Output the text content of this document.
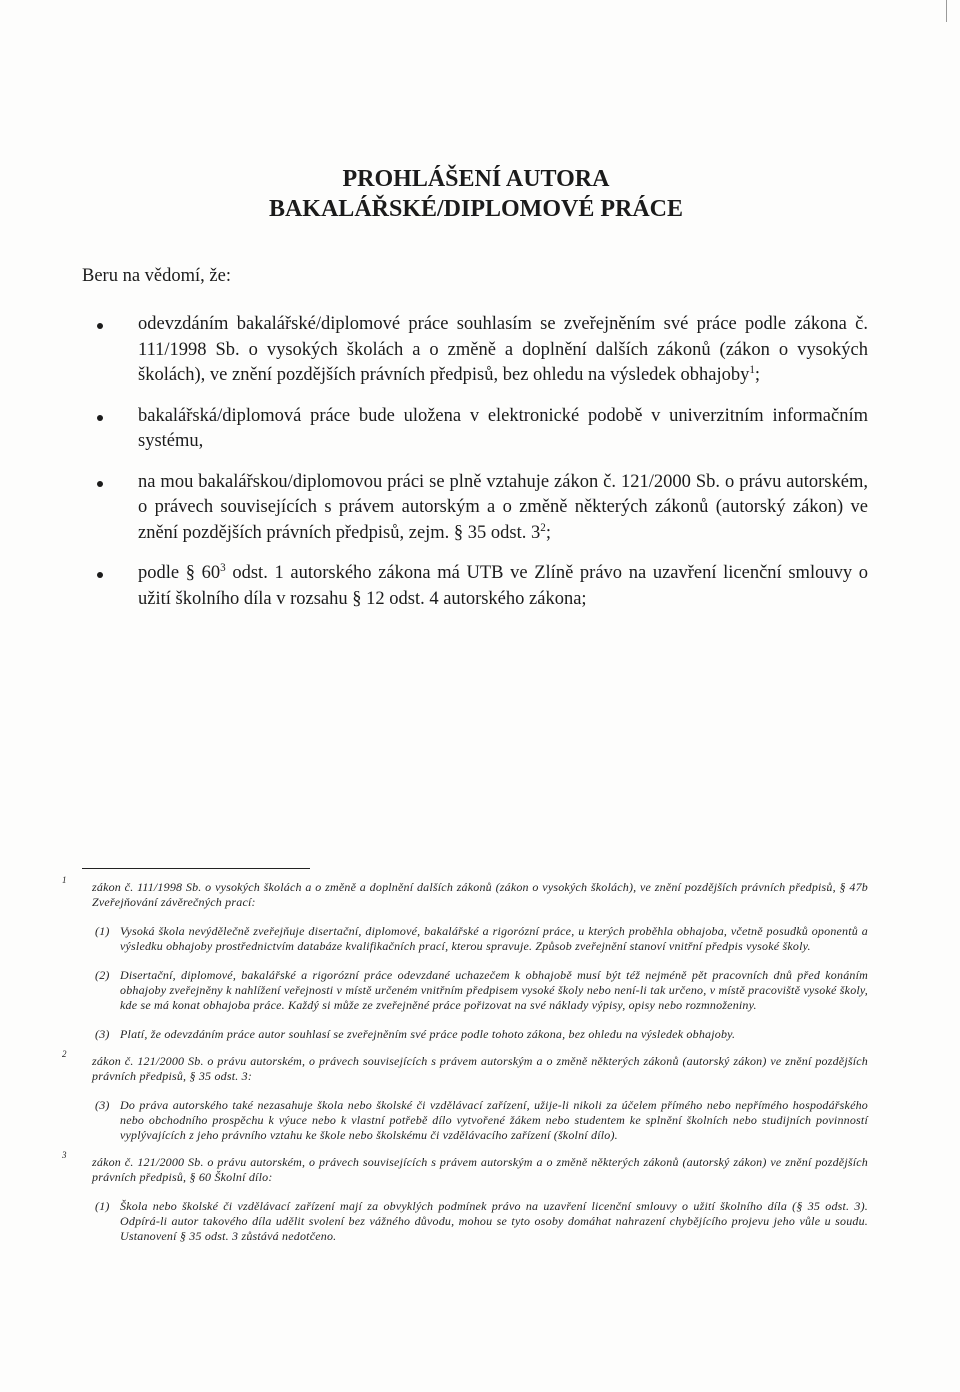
PROHLÁŠENÍ AUTORA
BAKALÁŘSKÉ/DIPLOMOVÉ PRÁCE
Beru na vědomí, že:
odevzdáním bakalářské/diplomové práce souhlasím se zveřejněním své práce podle zákona č. 111/1998 Sb. o vysokých školách a o změně a doplnění dalších zákonů (zákon o vysokých školách), ve znění pozdějších právních předpisů, bez ohledu na výsledek obhajoby$^1$;
bakalářská/diplomová práce bude uložena v elektronické podobě v univerzitním informačním systému,
na mou bakalářskou/diplomovou práci se plně vztahuje zákon č. 121/2000 Sb. o právu autorském, o právech souvisejících s právem autorským a o změně některých zákonů (autorský zákon) ve znění pozdějších právních předpisů, zejm. § 35 odst. $3^2$;
podle § $60^3$ odst. 1 autorského zákona má UTB ve Zlíně právo na uzavření licenční smlouvy o užití školního díla v rozsahu § 12 odst. 4 autorského zákona;
1 zákon č. 111/1998 Sb. o vysokých školách a o změně a doplnění dalších zákonů (zákon o vysokých školách), ve znění pozdějších právních předpisů, § 47b Zveřejňování závěrečných prací:
(1) Vysoká škola nevýdělečně zveřejňuje disertační, diplomové, bakalářské a rigorózní práce, u kterých proběhla obhajoba, včetně posudků oponentů a výsledku obhajoby prostřednictvím databáze kvalifikačních prací, kterou spravuje. Způsob zveřejnění stanoví vnitřní předpis vysoké školy.
(2) Disertační, diplomové, bakalářské a rigorózní práce odevzdané uchazečem k obhajobě musí být též nejméně pět pracovních dnů před konáním obhajoby zveřejněny k nahlížení veřejnosti v místě určeném vnitřním předpisem vysoké školy nebo není-li tak určeno, v místě pracoviště vysoké školy, kde se má konat obhajoba práce. Každý si může ze zveřejněné práce pořizovat na své náklady výpisy, opisy nebo rozmnoženiny.
(3) Platí, že odevzdáním práce autor souhlasí se zveřejněním své práce podle tohoto zákona, bez ohledu na výsledek obhajoby.
2 zákon č. 121/2000 Sb. o právu autorském, o právech souvisejících s právem autorským a o změně některých zákonů (autorský zákon) ve znění pozdějších právních předpisů, § 35 odst. 3:
(3) Do práva autorského také nezasahuje škola nebo školské či vzdělávací zařízení, užije-li nikoli za účelem přímého nebo nepřímého hospodářského nebo obchodního prospěchu k výuce nebo k vlastní potřebě dílo vytvořené žákem nebo studentem ke splnění školních nebo studijních povinností vyplývajících z jeho právního vztahu ke škole nebo školskému či vzdělávacího zařízení (školní dílo).
3 zákon č. 121/2000 Sb. o právu autorském, o právech souvisejících s právem autorským a o změně některých zákonů (autorský zákon) ve znění pozdějších právních předpisů, § 60 Školní dílo:
(1) Škola nebo školské či vzdělávací zařízení mají za obvyklých podmínek právo na uzavření licenční smlouvy o užití školního díla (§ 35 odst. 3). Odpírá-li autor takového díla udělit svolení bez vážného důvodu, mohou se tyto osoby domáhat nahrazení chybějícího projevu jeho vůle u soudu. Ustanovení § 35 odst. 3 zůstává nedotčeno.
